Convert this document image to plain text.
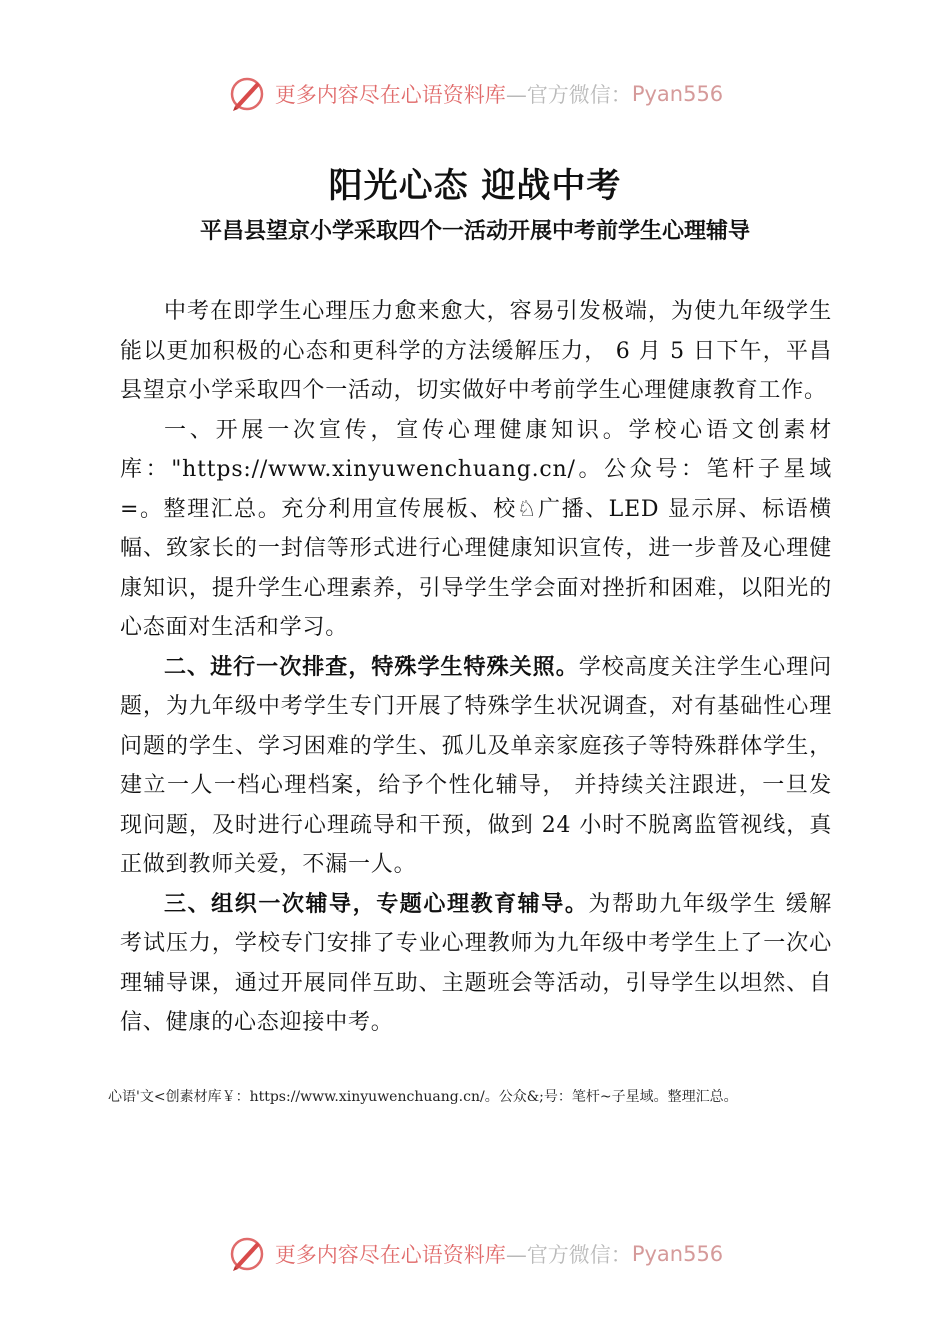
更多内容尽在心语资料库 —官方微信： Pyan556
阳光心态 迎战中考
平昌县望京小学采取四个一活动开展中考前学生心理辅导

中考在即学生心理压力愈来愈大，容易引发极端，为使九年级学生能以更加积极的心态和更科学的方法缓解压力， 6 月 5 日下午，平昌县望京小学采取四个一活动，切实做好中考前学生心理健康教育工作。

一、开展一次宣传，宣传心理健康知识。学校心语文创素材库："https://www.xinyuwenchuang.cn/。公众号：笔杆子星域=。整理汇总。充分利用宣传展板、校♘广播、LED 显示屏、标语横幅、致家长的一封信等形式进行心理健康知识宣传，进一步普及心理健康知识，提升学生心理素养，引导学生学会面对挫折和困难，以阳光的心态面对生活和学习。

二、进行一次排查，特殊学生特殊关照。学校高度关注学生心理问题，为九年级中考学生专门开展了特殊学生状况调查，对有基础性心理问题的学生、学习困难的学生、孤儿及单亲家庭孩子等特殊群体学生，建立一人一档心理档案，给予个性化辅导， 并持续关注跟进，一旦发现问题，及时进行心理疏导和干预，做到 24 小时不脱离监管视线，真正做到教师关爱，不漏一人。

三、组织一次辅导，专题心理教育辅导。为帮助九年级学生 缓解考试压力，学校专门安排了专业心理教师为九年级中考学生上了一次心理辅导课，通过开展同伴互助、主题班会等活动，引导学生以坦然、自信、健康的心态迎接中考。

心语'文<创素材库￥：https://www.xinyuwenchuang.cn/。公众&;号：笔杆~子星域。整理汇总。

更多内容尽在心语资料库 —官方微信： Pyan556
